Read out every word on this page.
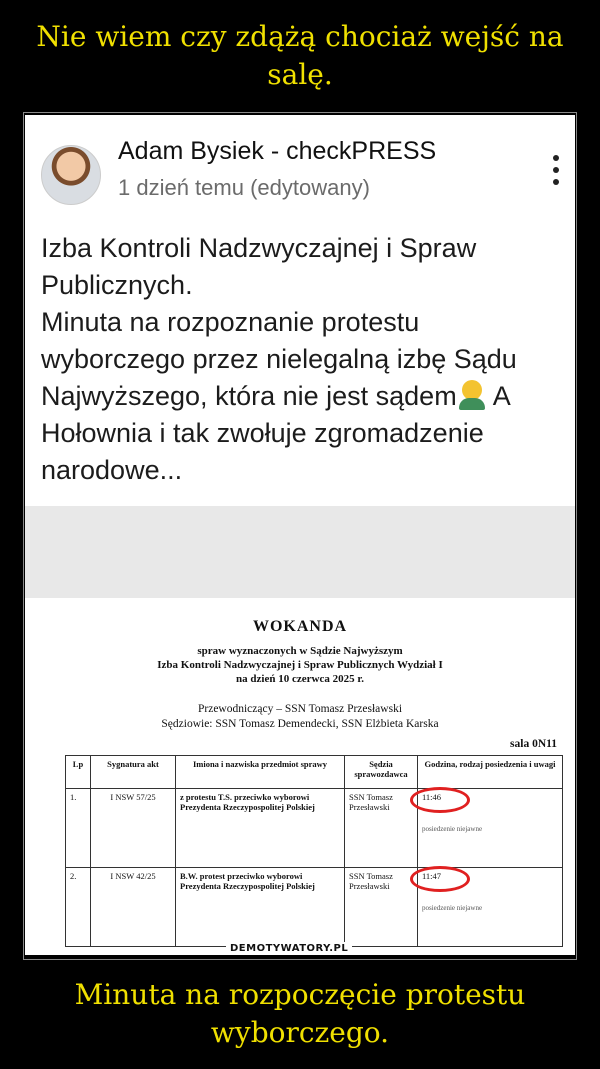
Nie wiem czy zdążą chociaż wejść na salę.
Adam Bysiek - checkPRESS
1 dzień temu (edytowany)

Izba Kontroli Nadzwyczajnej i Spraw Publicznych.

Minuta na rozpoznanie protestu wyborczego przez nielegalną izbę Sądu Najwyższego, która nie jest sądem A Hołownia i tak zwołuje zgromadzenie narodowe...

WOKANDA
spraw wyznaczonych w Sądzie Najwyższym
Izba Kontroli Nadzwyczajnej i Spraw Publicznych Wydział I
na dzień 10 czerwca 2025 r.
Przewodniczący – SSN Tomasz Przesławski
Sędziowie: SSN Tomasz Demendecki, SSN Elżbieta Karska
sala 0N11
Lp	Sygnatura akt	Imiona i nazwiska przedmiot sprawy	Sędzia sprawozdawca	Godzina, rodzaj posiedzenia i uwagi
1.	I NSW 57/25	z protestu T.S. przeciwko wyborowi Prezydenta Rzeczypospolitej Polskiej	SSN Tomasz Przesławski	11:46
posiedzenie niejawne

2.	I NSW 42/25	B.W. protest przeciwko wyborowi Prezydenta Rzeczypospolitej Polskiej	SSN Tomasz Przesławski	11:47
posiedzenie niejawne
DEMOTYWATORY.PL
Minuta na rozpoczęcie protestu wyborczego.
